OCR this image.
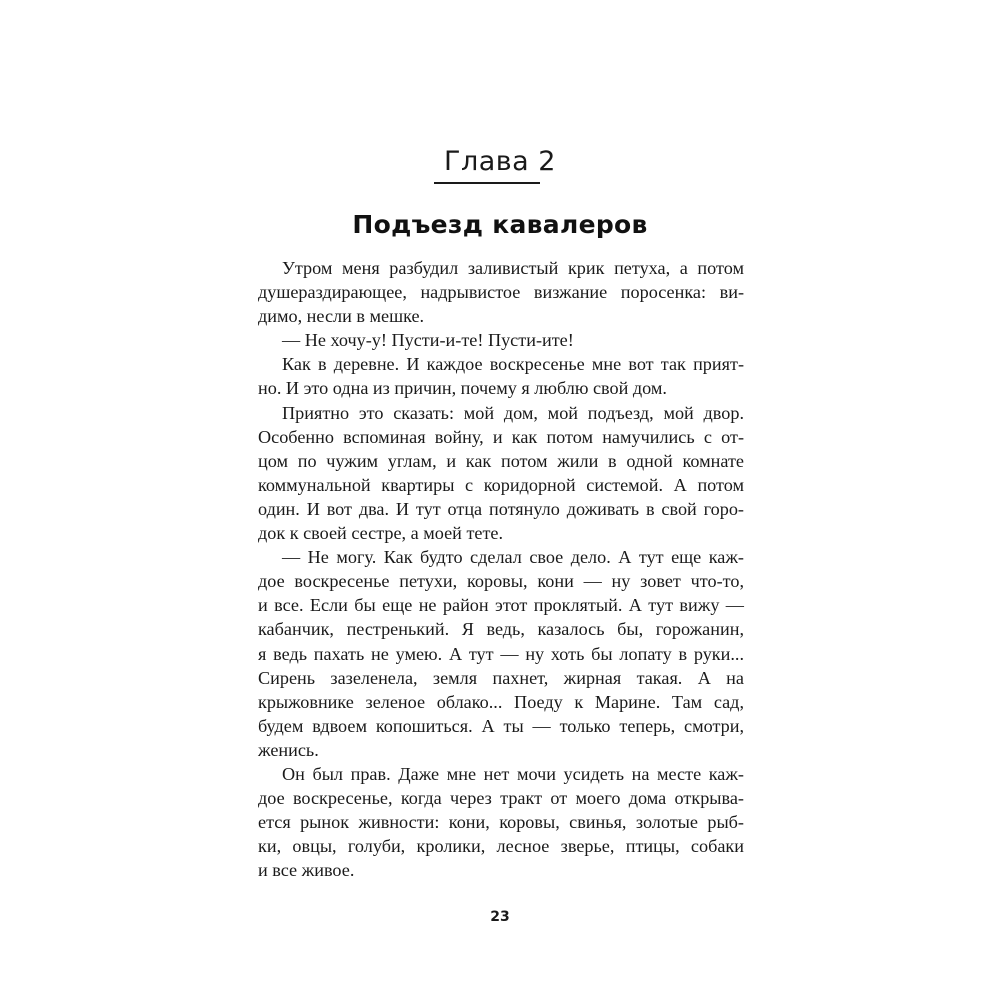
Глава 2
Подъезд кавалеров
Утром меня разбудил заливистый крик петуха, а потом
душераздирающее, надрывистое визжание поросенка: ви-
димо, несли в мешке.
— Не хочу-у! Пусти-и-те! Пусти-ите!
Как в деревне. И каждое воскресенье мне вот так прият-
но. И это одна из причин, почему я люблю свой дом.
Приятно это сказать: мой дом, мой подъезд, мой двор.
Особенно вспоминая войну, и как потом намучились с от-
цом по чужим углам, и как потом жили в одной комнате
коммунальной квартиры с коридорной системой. А потом
один. И вот два. И тут отца потянуло доживать в свой горо-
док к своей сестре, а моей тете.
— Не могу. Как будто сделал свое дело. А тут еще каж-
дое воскресенье петухи, коровы, кони — ну зовет что-то,
и все. Если бы еще не район этот проклятый. А тут вижу —
кабанчик, пестренький. Я ведь, казалось бы, горожанин,
я ведь пахать не умею. А тут — ну хоть бы лопату в руки...
Сирень зазеленела, земля пахнет, жирная такая. А на
крыжовнике зеленое облако... Поеду к Марине. Там сад,
будем вдвоем копошиться. А ты — только теперь, смотри,
женись.
Он был прав. Даже мне нет мочи усидеть на месте каж-
дое воскресенье, когда через тракт от моего дома открыва-
ется рынок живности: кони, коровы, свинья, золотые рыб-
ки, овцы, голуби, кролики, лесное зверье, птицы, собаки
и все живое.
23
